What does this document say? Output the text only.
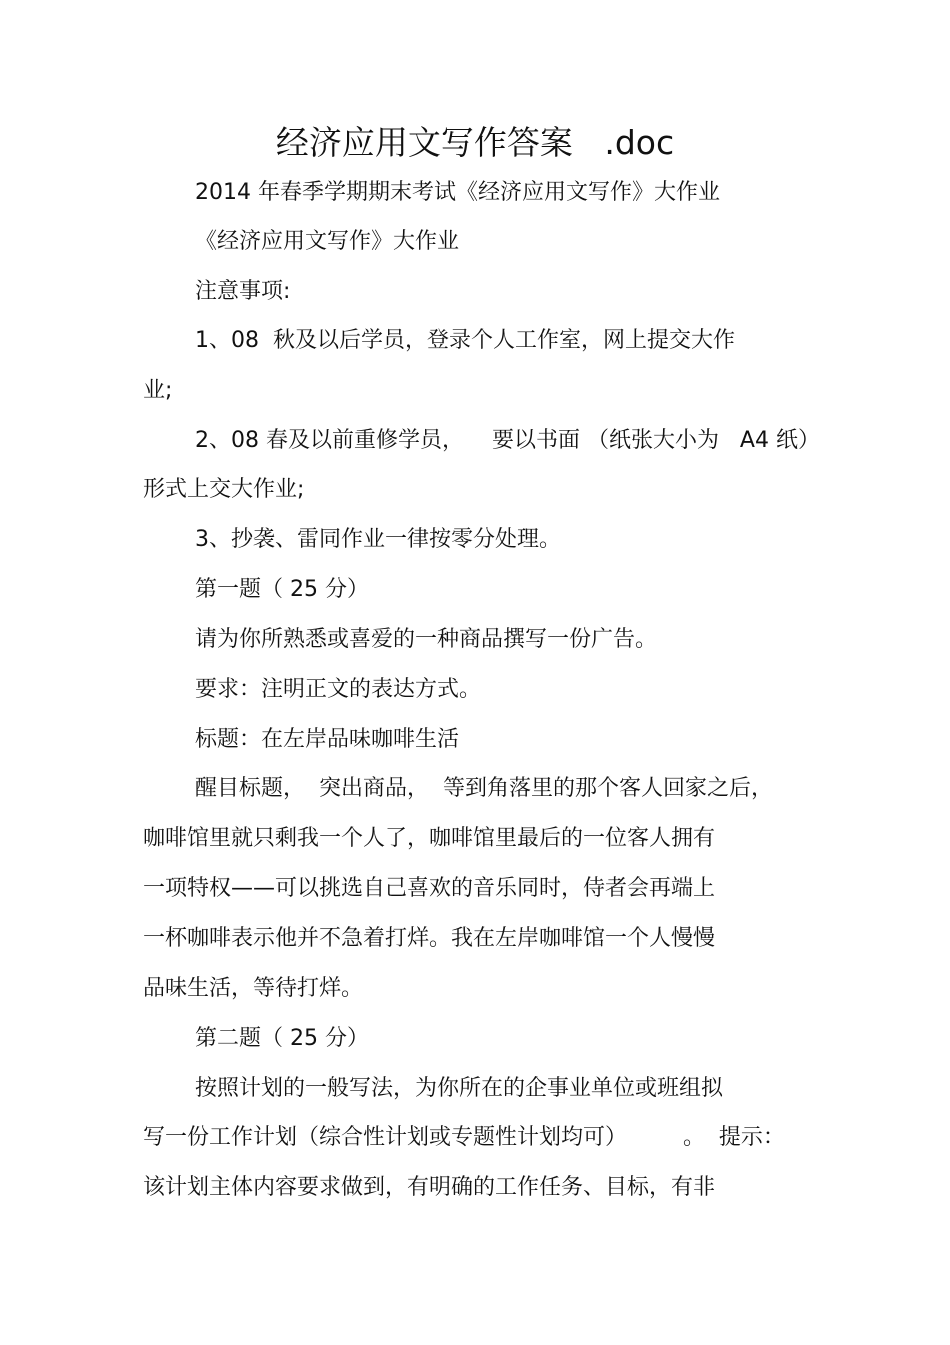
经济应用文写作答案   .doc
2014 年春季学期期末考试《经济应用文写作》大作业
《经济应用文写作》大作业
注意事项:
1、08  秋及以后学员，登录个人工作室，网上提交大作
业;
2、08 春及以前重修学员，    要以书面 （纸张大小为   A4 纸）
形式上交大作业;
3、抄袭、雷同作业一律按零分处理。
第一题（ 25 分）
请为你所熟悉或喜爱的一种商品撰写一份广告。
要求：注明正文的表达方式。
标题：在左岸品味咖啡生活
醒目标题，  突出商品，  等到角落里的那个客人回家之后，
咖啡馆里就只剩我一个人了，咖啡馆里最后的一位客人拥有
一项特权——可以挑选自己喜欢的音乐同时，侍者会再端上
一杯咖啡表示他并不急着打烊。我在左岸咖啡馆一个人慢慢
品味生活，等待打烊。
第二题（ 25 分）
按照计划的一般写法，为你所在的企事业单位或班组拟
写一份工作计划（综合性计划或专题性计划均可）        。  提示：
该计划主体内容要求做到，有明确的工作任务、目标，有非
